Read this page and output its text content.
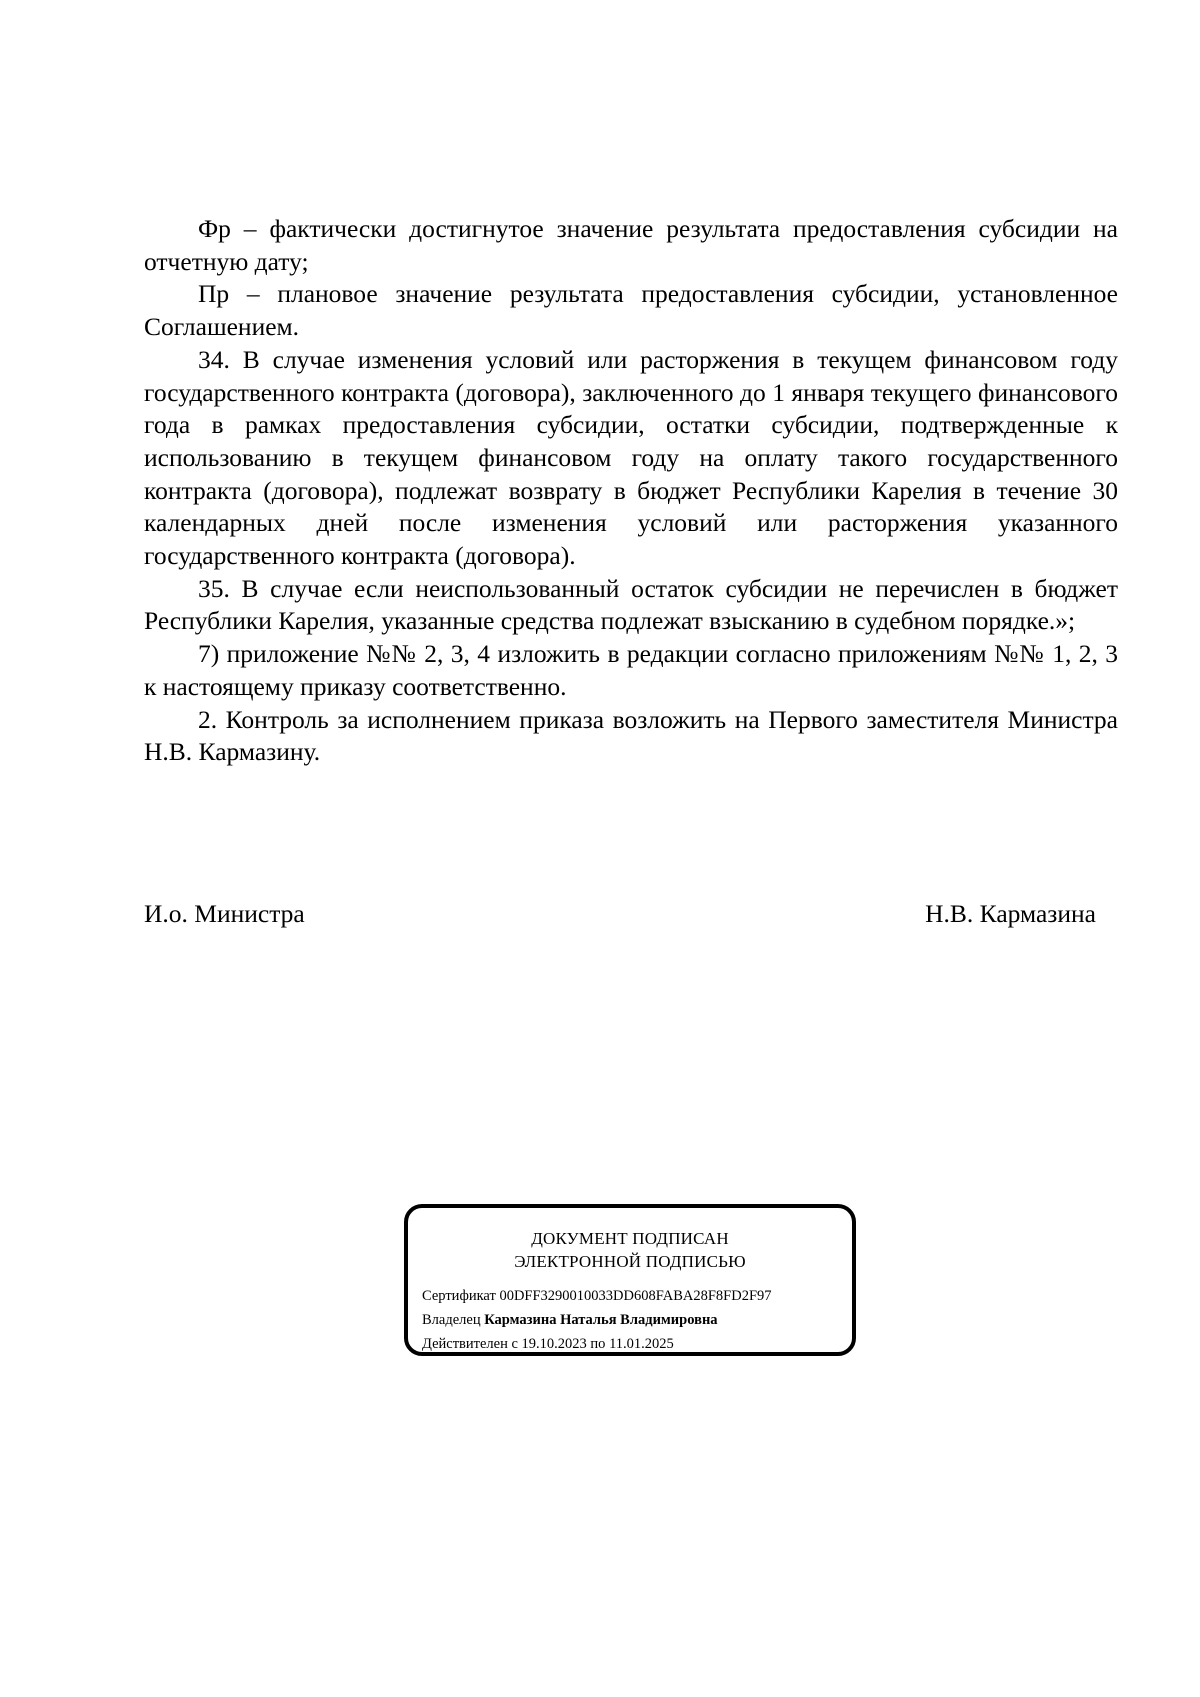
Фр – фактически достигнутое значение результата предоставления субсидии на отчетную дату;

Пр – плановое значение результата предоставления субсидии, установленное Соглашением.

34. В случае изменения условий или расторжения в текущем финансовом году государственного контракта (договора), заключенного до 1 января текущего финансового года в рамках предоставления субсидии, остатки субсидии, подтвержденные к использованию в текущем финансовом году на оплату такого государственного контракта (договора), подлежат возврату в бюджет Республики Карелия в течение 30 календарных дней после изменения условий или расторжения указанного государственного контракта (договора).

35. В случае если неиспользованный остаток субсидии не перечислен в бюджет Республики Карелия, указанные средства подлежат взысканию в судебном порядке.»;

7) приложение №№ 2, 3, 4 изложить в редакции согласно приложениям №№ 1, 2, 3 к настоящему приказу соответственно.

2. Контроль за исполнением приказа возложить на Первого заместителя Министра Н.В. Кармазину.

И.о. Министра	Н.В. Кармазина
ДОКУМЕНТ ПОДПИСАН
ЭЛЕКТРОННОЙ ПОДПИСЬЮ
Сертификат 00DFF3290010033DD608FABA28F8FD2F97
Владелец Кармазина Наталья Владимировна
Действителен с 19.10.2023 по 11.01.2025
